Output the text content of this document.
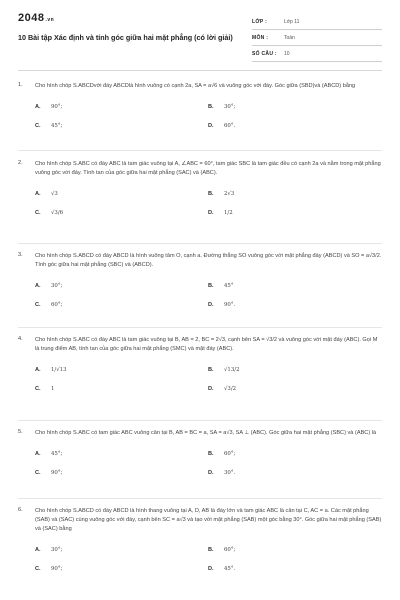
2048.vn
10 Bài tập Xác định và tính góc giữa hai mặt phẳng (có lời giải)
LỚP :	Lớp 11
MÔN :	Toán
SỐ CÂU :	10
1. Cho hình chóp S.ABCDvới đáy ABCDlà hình vuông có cạnh 2a, SA = a√6 và vuông góc với đáy. Góc giữa (SBD)và (ABCD) bằng
A.	90°;	B.	30°;
C.	45°;	D.	60°.
2. Cho hình chóp S.ABC có đáy ABC là tam giác vuông tại A, ∠ABC = 60°, tam giác SBC là tam giác đều có cạnh 2a và nằm trong mặt phẳng vuông góc với đáy. Tính tan của góc giữa hai mặt phẳng (SAC) và (ABC).
A.	√3	B.	2√3
C.	√3/6	D.	1/2
3. Cho hình chóp S.ABCD có đáy ABCD là hình vuông tâm O, cạnh a. Đường thẳng SO vuông góc với mặt phẳng đáy (ABCD) và SO = a√3/2. Tính góc giữa hai mặt phẳng (SBC) và (ABCD).
A.	30°;	B.	45°
C.	60°;	D.	90°.
4. Cho hình chóp S.ABC có đáy ABC là tam giác vuông tại B, AB = 2, BC = 2√3, cạnh bên SA = √3/2 và vuông góc với mặt đáy (ABC). Gọi M là trung điểm AB, tính tan của góc giữa hai mặt phẳng (SMC) và mặt đáy (ABC).
A.	1/√13	B.	√13/2
C.	1	D.	√3/2
5. Cho hình chóp S.ABC có tam giác ABC vuông cân tại B, AB = BC = a, SA = a√3, SA ⊥ (ABC). Góc giữa hai mặt phẳng (SBC) và (ABC) là
A.	45°;	B.	60°;
C.	90°;	D.	30°.
6. Cho hình chóp S.ABCD có đáy ABCD là hình thang vuông tại A, D, AB là đáy lớn và tam giác ABC là cân tại C, AC = a. Các mặt phẳng (SAB) và (SAC) cùng vuông góc với đáy, cạnh bên SC = a√3 và tạo với mặt phẳng (SAB) một góc bằng 30°. Góc giữa hai mặt phẳng (SAB) và (SAC) bằng
A.	30°;	B.	60°;
C.	90°;	D.	45°.
